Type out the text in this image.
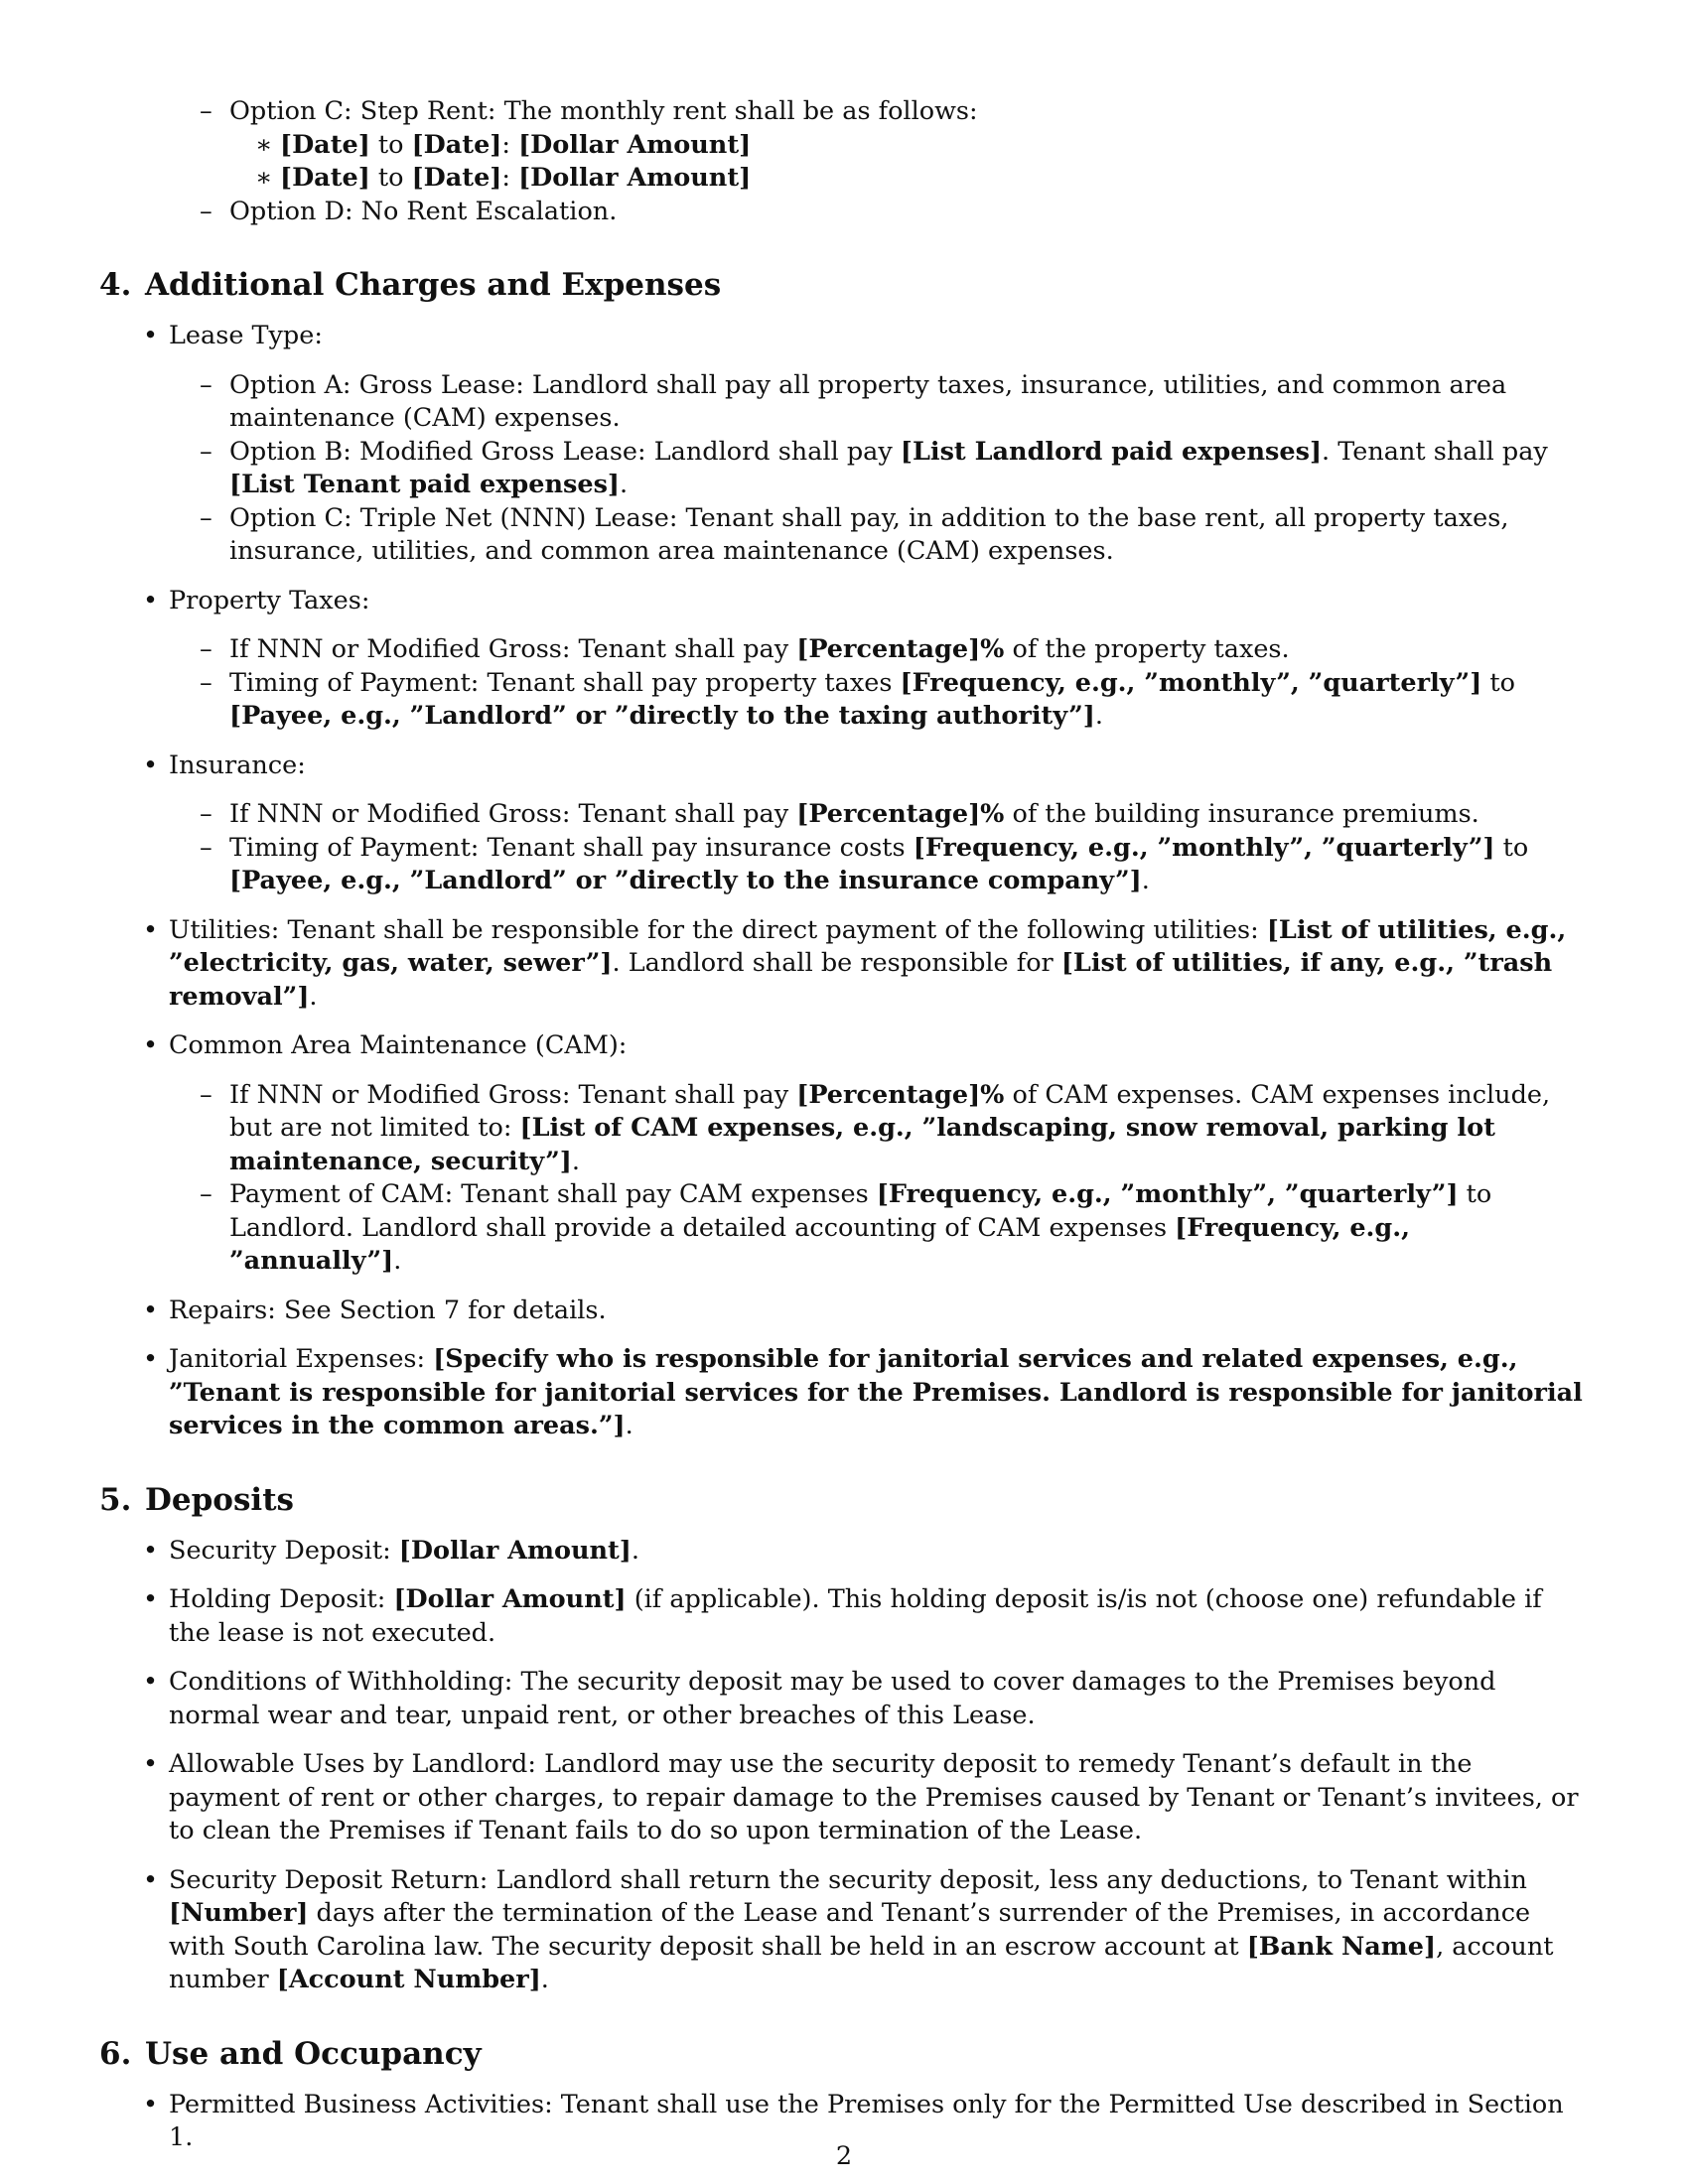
– Option C: Step Rent: The monthly rent shall be as follows:
∗ [Date] to [Date]: [Dollar Amount]
∗ [Date] to [Date]: [Dollar Amount]
– Option D: No Rent Escalation.
4. Additional Charges and Expenses
• Lease Type:
– Option A: Gross Lease: Landlord shall pay all property taxes, insurance, utilities, and common area maintenance (CAM) expenses.
– Option B: Modified Gross Lease: Landlord shall pay [List Landlord paid expenses]. Tenant shall pay [List Tenant paid expenses].
– Option C: Triple Net (NNN) Lease: Tenant shall pay, in addition to the base rent, all property taxes, insurance, utilities, and common area maintenance (CAM) expenses.
• Property Taxes:
– If NNN or Modified Gross: Tenant shall pay [Percentage]% of the property taxes.
– Timing of Payment: Tenant shall pay property taxes [Frequency, e.g., ”monthly”, ”quarterly”] to [Payee, e.g., ”Landlord” or ”directly to the taxing authority”].
• Insurance:
– If NNN or Modified Gross: Tenant shall pay [Percentage]% of the building insurance premiums.
– Timing of Payment: Tenant shall pay insurance costs [Frequency, e.g., ”monthly”, ”quarterly”] to [Payee, e.g., ”Landlord” or ”directly to the insurance company”].
• Utilities: Tenant shall be responsible for the direct payment of the following utilities: [List of utilities, e.g., ”electricity, gas, water, sewer”]. Landlord shall be responsible for [List of utilities, if any, e.g., ”trash removal”].
• Common Area Maintenance (CAM):
– If NNN or Modified Gross: Tenant shall pay [Percentage]% of CAM expenses. CAM expenses include, but are not limited to: [List of CAM expenses, e.g., ”landscaping, snow removal, parking lot maintenance, security”].
– Payment of CAM: Tenant shall pay CAM expenses [Frequency, e.g., ”monthly”, ”quarterly”] to Landlord. Landlord shall provide a detailed accounting of CAM expenses [Frequency, e.g., ”annually”].
• Repairs: See Section 7 for details.
• Janitorial Expenses: [Specify who is responsible for janitorial services and related expenses, e.g., ”Tenant is responsible for janitorial services for the Premises. Landlord is responsible for janitorial services in the common areas.”].
5. Deposits
• Security Deposit: [Dollar Amount].
• Holding Deposit: [Dollar Amount] (if applicable). This holding deposit is/is not (choose one) refundable if the lease is not executed.
• Conditions of Withholding: The security deposit may be used to cover damages to the Premises beyond normal wear and tear, unpaid rent, or other breaches of this Lease.
• Allowable Uses by Landlord: Landlord may use the security deposit to remedy Tenant’s default in the payment of rent or other charges, to repair damage to the Premises caused by Tenant or Tenant’s invitees, or to clean the Premises if Tenant fails to do so upon termination of the Lease.
• Security Deposit Return: Landlord shall return the security deposit, less any deductions, to Tenant within [Number] days after the termination of the Lease and Tenant’s surrender of the Premises, in accordance with South Carolina law. The security deposit shall be held in an escrow account at [Bank Name], account number [Account Number].
6. Use and Occupancy
• Permitted Business Activities: Tenant shall use the Premises only for the Permitted Use described in Section 1.
2
